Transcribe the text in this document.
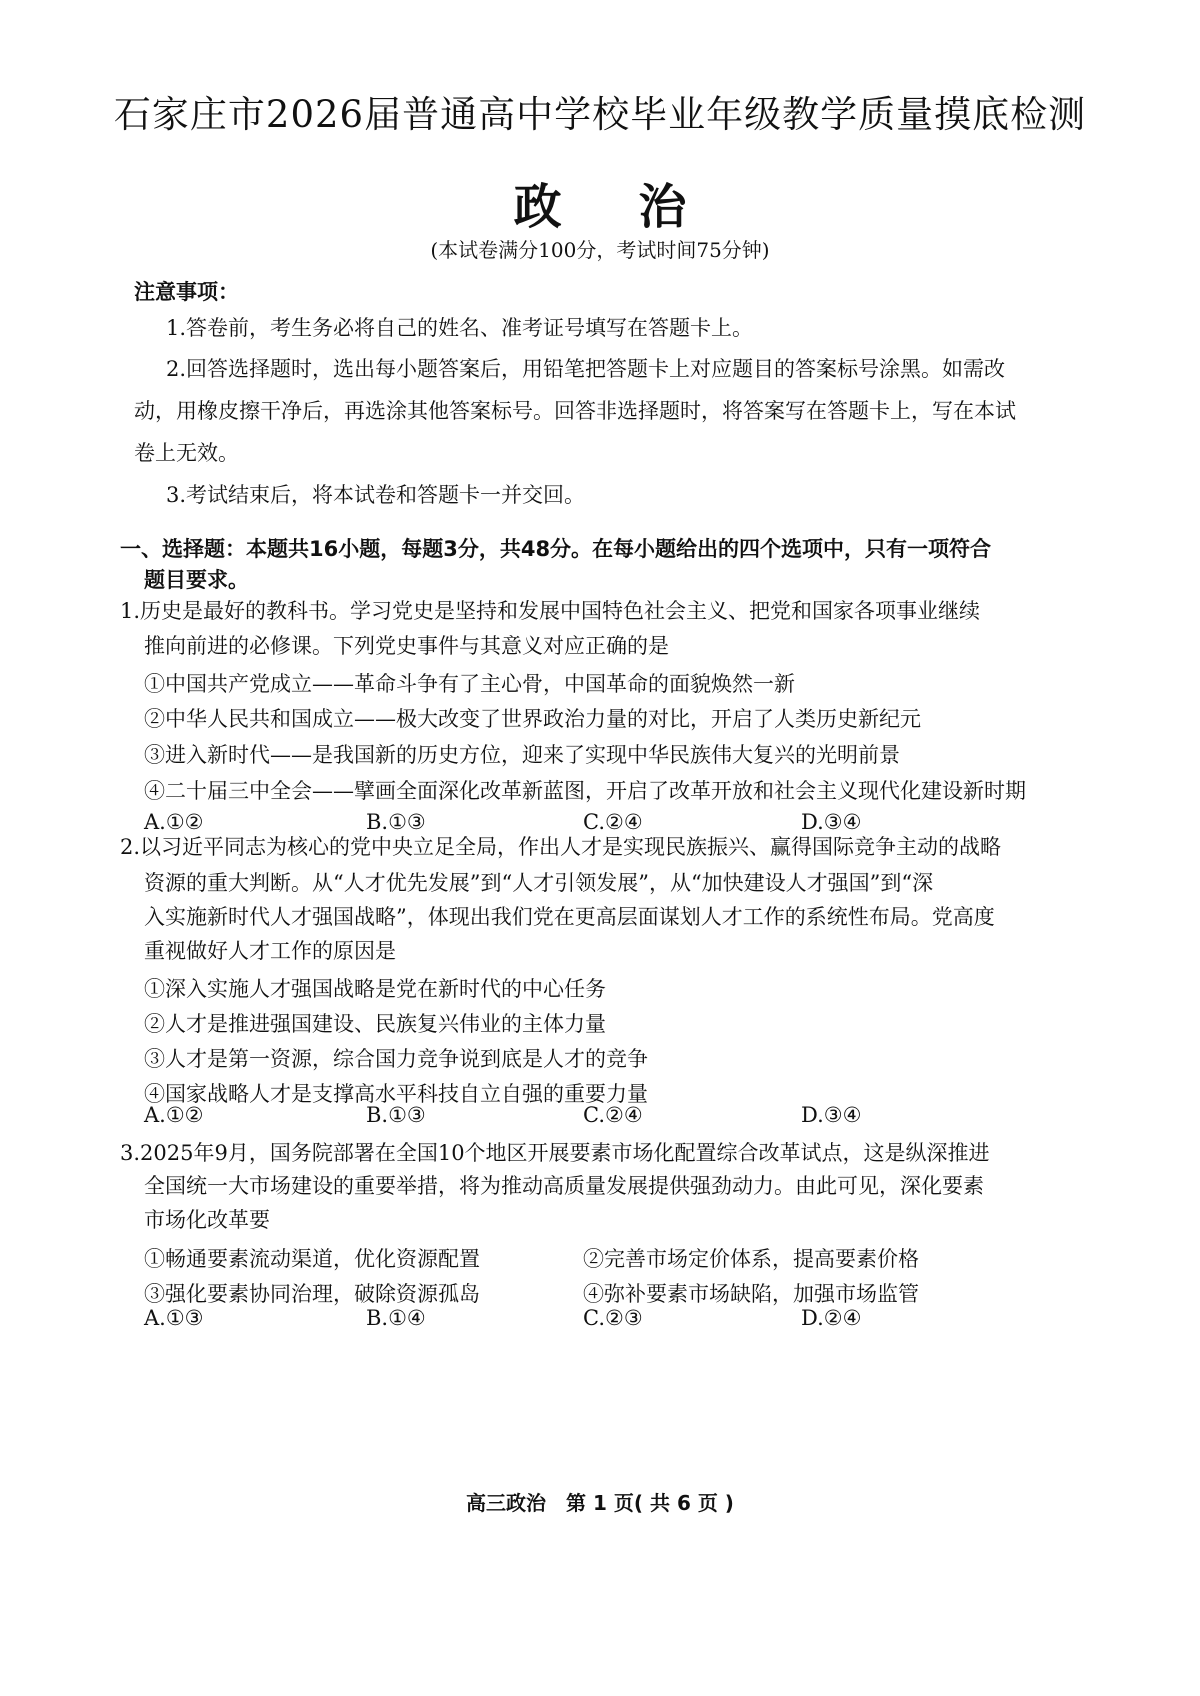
石家庄市2026届普通高中学校毕业年级教学质量摸底检测
政 治
(本试卷满分100分，考试时间75分钟)
注意事项：
1.答卷前，考生务必将自己的姓名、准考证号填写在答题卡上。
2.回答选择题时，选出每小题答案后，用铅笔把答题卡上对应题目的答案标号涂黑。如需改
动，用橡皮擦干净后，再选涂其他答案标号。回答非选择题时，将答案写在答题卡上，写在本试
卷上无效。
3.考试结束后，将本试卷和答题卡一并交回。
一、选择题：本题共16小题，每题3分，共48分。在每小题给出的四个选项中，只有一项符合
题目要求。
1.历史是最好的教科书。学习党史是坚持和发展中国特色社会主义、把党和国家各项事业继续
推向前进的必修课。下列党史事件与其意义对应正确的是
①中国共产党成立——革命斗争有了主心骨，中国革命的面貌焕然一新
②中华人民共和国成立——极大改变了世界政治力量的对比，开启了人类历史新纪元
③进入新时代——是我国新的历史方位，迎来了实现中华民族伟大复兴的光明前景
④二十届三中全会——擘画全面深化改革新蓝图，开启了改革开放和社会主义现代化建设新时期
A.①②	B.①③	C.②④	D.③④
2.以习近平同志为核心的党中央立足全局，作出人才是实现民族振兴、赢得国际竞争主动的战略
资源的重大判断。从“人才优先发展”到“人才引领发展”，从“加快建设人才强国”到“深
入实施新时代人才强国战略”，体现出我们党在更高层面谋划人才工作的系统性布局。党高度
重视做好人才工作的原因是
①深入实施人才强国战略是党在新时代的中心任务
②人才是推进强国建设、民族复兴伟业的主体力量
③人才是第一资源，综合国力竞争说到底是人才的竞争
④国家战略人才是支撑高水平科技自立自强的重要力量
A.①②	B.①③	C.②④	D.③④
3.2025年9月，国务院部署在全国10个地区开展要素市场化配置综合改革试点，这是纵深推进
全国统一大市场建设的重要举措，将为推动高质量发展提供强劲动力。由此可见，深化要素
市场化改革要
①畅通要素流动渠道，优化资源配置	②完善市场定价体系，提高要素价格
③强化要素协同治理，破除资源孤岛	④弥补要素市场缺陷，加强市场监管
A.①③	B.①④	C.②③	D.②④
高三政治　第 1 页( 共 6 页 )
